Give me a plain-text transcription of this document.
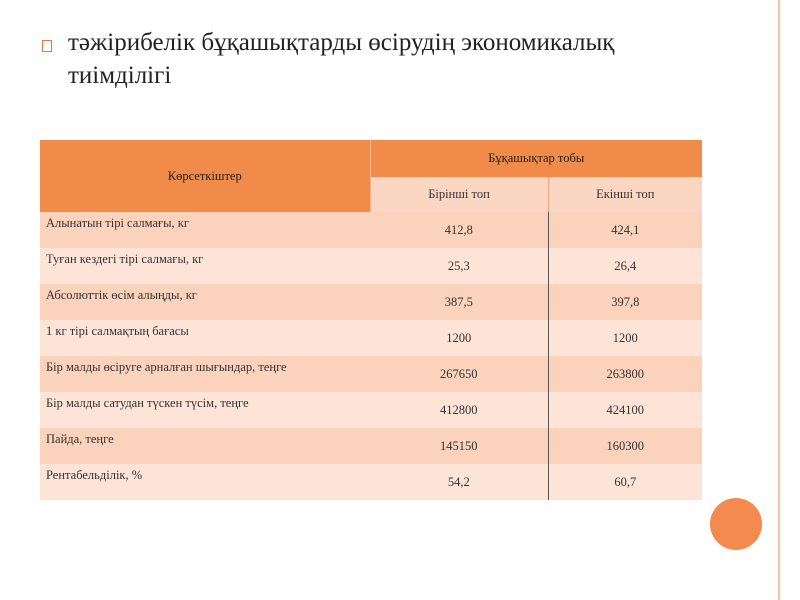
тәжірибелік бұқашықтарды өсірудің экономикалық тиімділігі
Көрсеткіштер	Бұқашықтар тобы	
	Бірінші топ	Екінші топ
Алынатын тірі салмағы, кг	412,8	424,1
Туған кездегі тірі салмағы, кг	25,3	26,4
Абсолюттік өсім алыңды, кг	387,5	397,8
1 кг тірі салмақтың бағасы	1200	1200
Бір малды өсіруге арналған шығындар, теңге	267650	263800
Бір малды сатудан түскен түсім, теңге	412800	424100
Пайда, теңге	145150	160300
Рентабельділік, %	54,2	60,7
